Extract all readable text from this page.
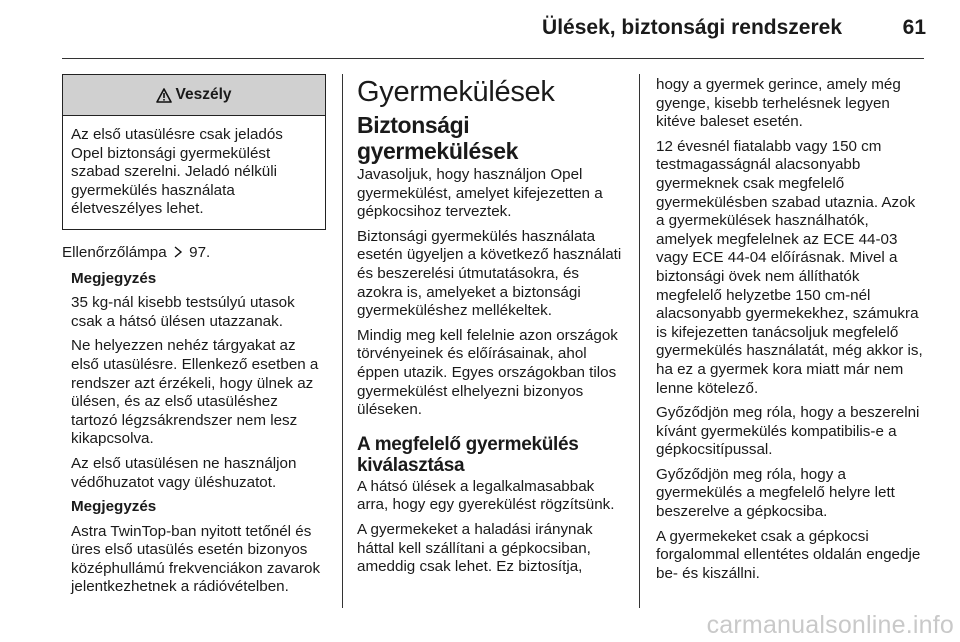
Ülések, biztonsági rendszerek	61
Veszély

Az első utasülésre csak jeladós Opel biztonsági gyermekülést szabad szerelni. Jeladó nélküli gyermekülés használata életveszélyes lehet.

Ellenőrzőlámpa 97.

Megjegyzés

35 kg-nál kisebb testsúlyú utasok csak a hátsó ülésen utazzanak.

Ne helyezzen nehéz tárgyakat az első utasülésre. Ellenkező esetben a rendszer azt érzékeli, hogy ülnek az ülésen, és az első utasüléshez tartozó légzsákrendszer nem lesz kikapcsolva.

Az első utasülésen ne használjon védőhuzatot vagy üléshuzatot.

Megjegyzés

Astra TwinTop-ban nyitott tetőnél és üres első utasülés esetén bizonyos középhullámú frekvenciákon zavarok jelentkezhetnek a rádióvételben.

Gyermekülések
Biztonsági gyermekülések

Javasoljuk, hogy használjon Opel gyermekülést, amelyet kifejezetten a gépkocsihoz terveztek.

Biztonsági gyermekülés használata esetén ügyeljen a következő használati és beszerelési útmutatásokra, és azokra is, amelyeket a biztonsági gyermeküléshez mellékeltek.

Mindig meg kell felelnie azon országok törvényeinek és előírásainak, ahol éppen utazik. Egyes országokban tilos gyermekülést elhelyezni bizonyos üléseken.

A megfelelő gyermekülés kiválasztása

A hátsó ülések a legalkalmasabbak arra, hogy egy gyerekülést rögzítsünk.

A gyermekeket a haladási iránynak háttal kell szállítani a gépkocsiban, ameddig csak lehet. Ez biztosítja,

hogy a gyermek gerince, amely még gyenge, kisebb terhelésnek legyen kitéve baleset esetén.

12 évesnél fiatalabb vagy 150 cm testmagasságnál alacsonyabb gyermeknek csak megfelelő gyermekülésben szabad utaznia. Azok a gyermekülések használhatók, amelyek megfelelnek az ECE 44-03 vagy ECE 44-04 előírásnak. Mivel a biztonsági övek nem állíthatók megfelelő helyzetbe 150 cm-nél alacsonyabb gyermekekhez, számukra is kifejezetten tanácsoljuk megfelelő gyermekülés használatát, még akkor is, ha ez a gyermek kora miatt már nem lenne kötelező.

Győződjön meg róla, hogy a beszerelni kívánt gyermekülés kompatibilis-e a gépkocsitípussal.

Győződjön meg róla, hogy a gyermekülés a megfelelő helyre lett beszerelve a gépkocsiba.

A gyermekeket csak a gépkocsi forgalommal ellentétes oldalán engedje be- és kiszállni.

carmanualsonline.info
